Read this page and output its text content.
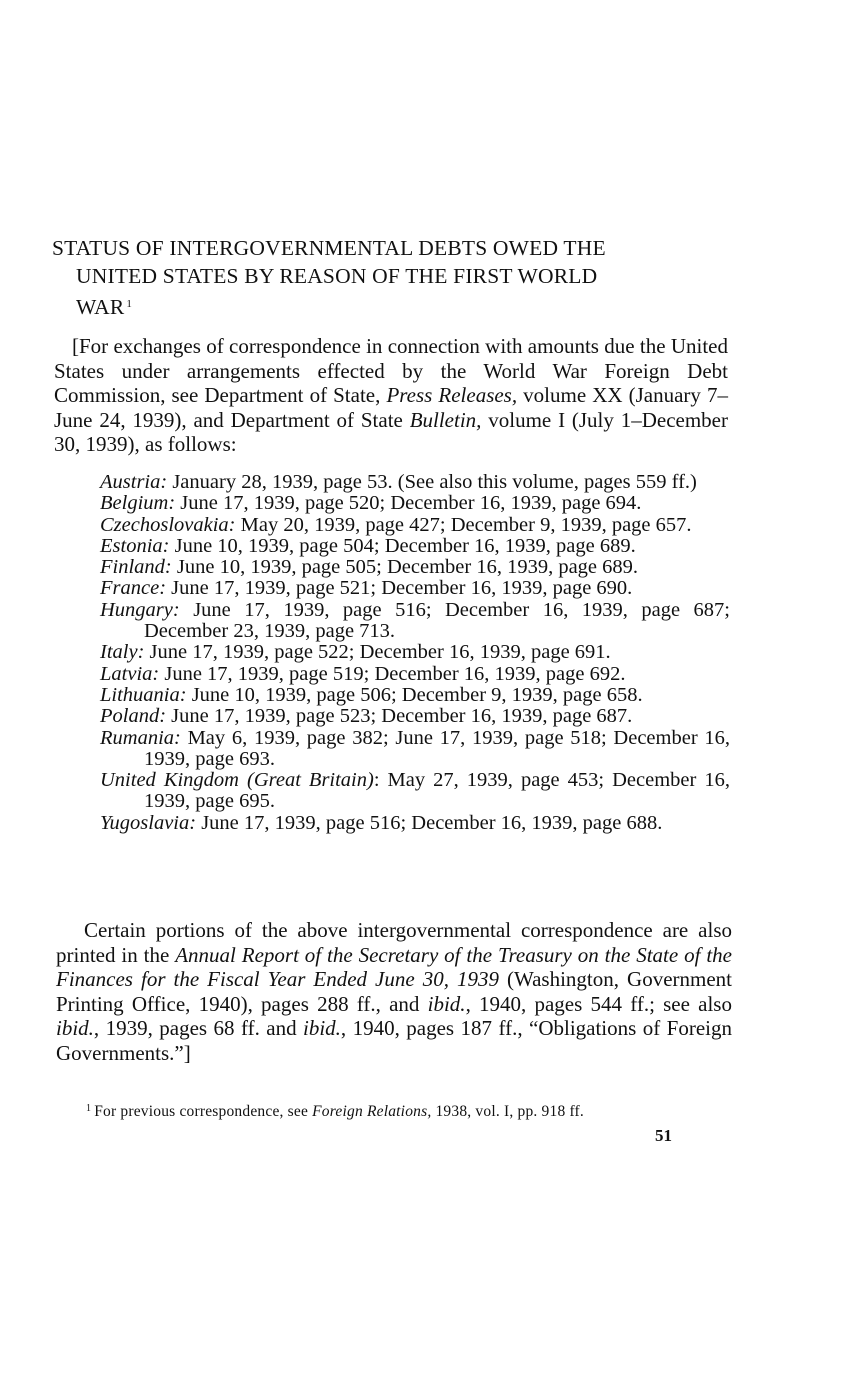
STATUS OF INTERGOVERNMENTAL DEBTS OWED THE
UNITED STATES BY REASON OF THE FIRST WORLD
WAR $^1$

[For exchanges of correspondence in connection with amounts due the United States under arrangements effected by the World War Foreign Debt Commission, see Department of State, Press Releases, volume XX (January 7–June 24, 1939), and Department of State Bulletin, volume I (July 1–December 30, 1939), as follows:

Austria: January 28, 1939, page 53. (See also this volume, pages 559 ff.)

Belgium: June 17, 1939, page 520; December 16, 1939, page 694.

Czechoslovakia: May 20, 1939, page 427; December 9, 1939, page 657.

Estonia: June 10, 1939, page 504; December 16, 1939, page 689.

Finland: June 10, 1939, page 505; December 16, 1939, page 689.

France: June 17, 1939, page 521; December 16, 1939, page 690.

Hungary: June 17, 1939, page 516; December 16, 1939, page 687; December 23, 1939, page 713.

Italy: June 17, 1939, page 522; December 16, 1939, page 691.

Latvia: June 17, 1939, page 519; December 16, 1939, page 692.

Lithuania: June 10, 1939, page 506; December 9, 1939, page 658.

Poland: June 17, 1939, page 523; December 16, 1939, page 687.

Rumania: May 6, 1939, page 382; June 17, 1939, page 518; December 16, 1939, page 693.

United Kingdom (Great Britain): May 27, 1939, page 453; December 16, 1939, page 695.

Yugoslavia: June 17, 1939, page 516; December 16, 1939, page 688.

Certain portions of the above intergovernmental correspondence are also printed in the Annual Report of the Secretary of the Treasury on the State of the Finances for the Fiscal Year Ended June 30, 1939 (Washington, Government Printing Office, 1940), pages 288 ff., and ibid., 1940, pages 544 ff.; see also ibid., 1939, pages 68 ff. and ibid., 1940, pages 187 ff., “Obligations of Foreign Governments.”]

$^1$ For previous correspondence, see Foreign Relations, 1938, vol. I, pp. 918 ff.
51
